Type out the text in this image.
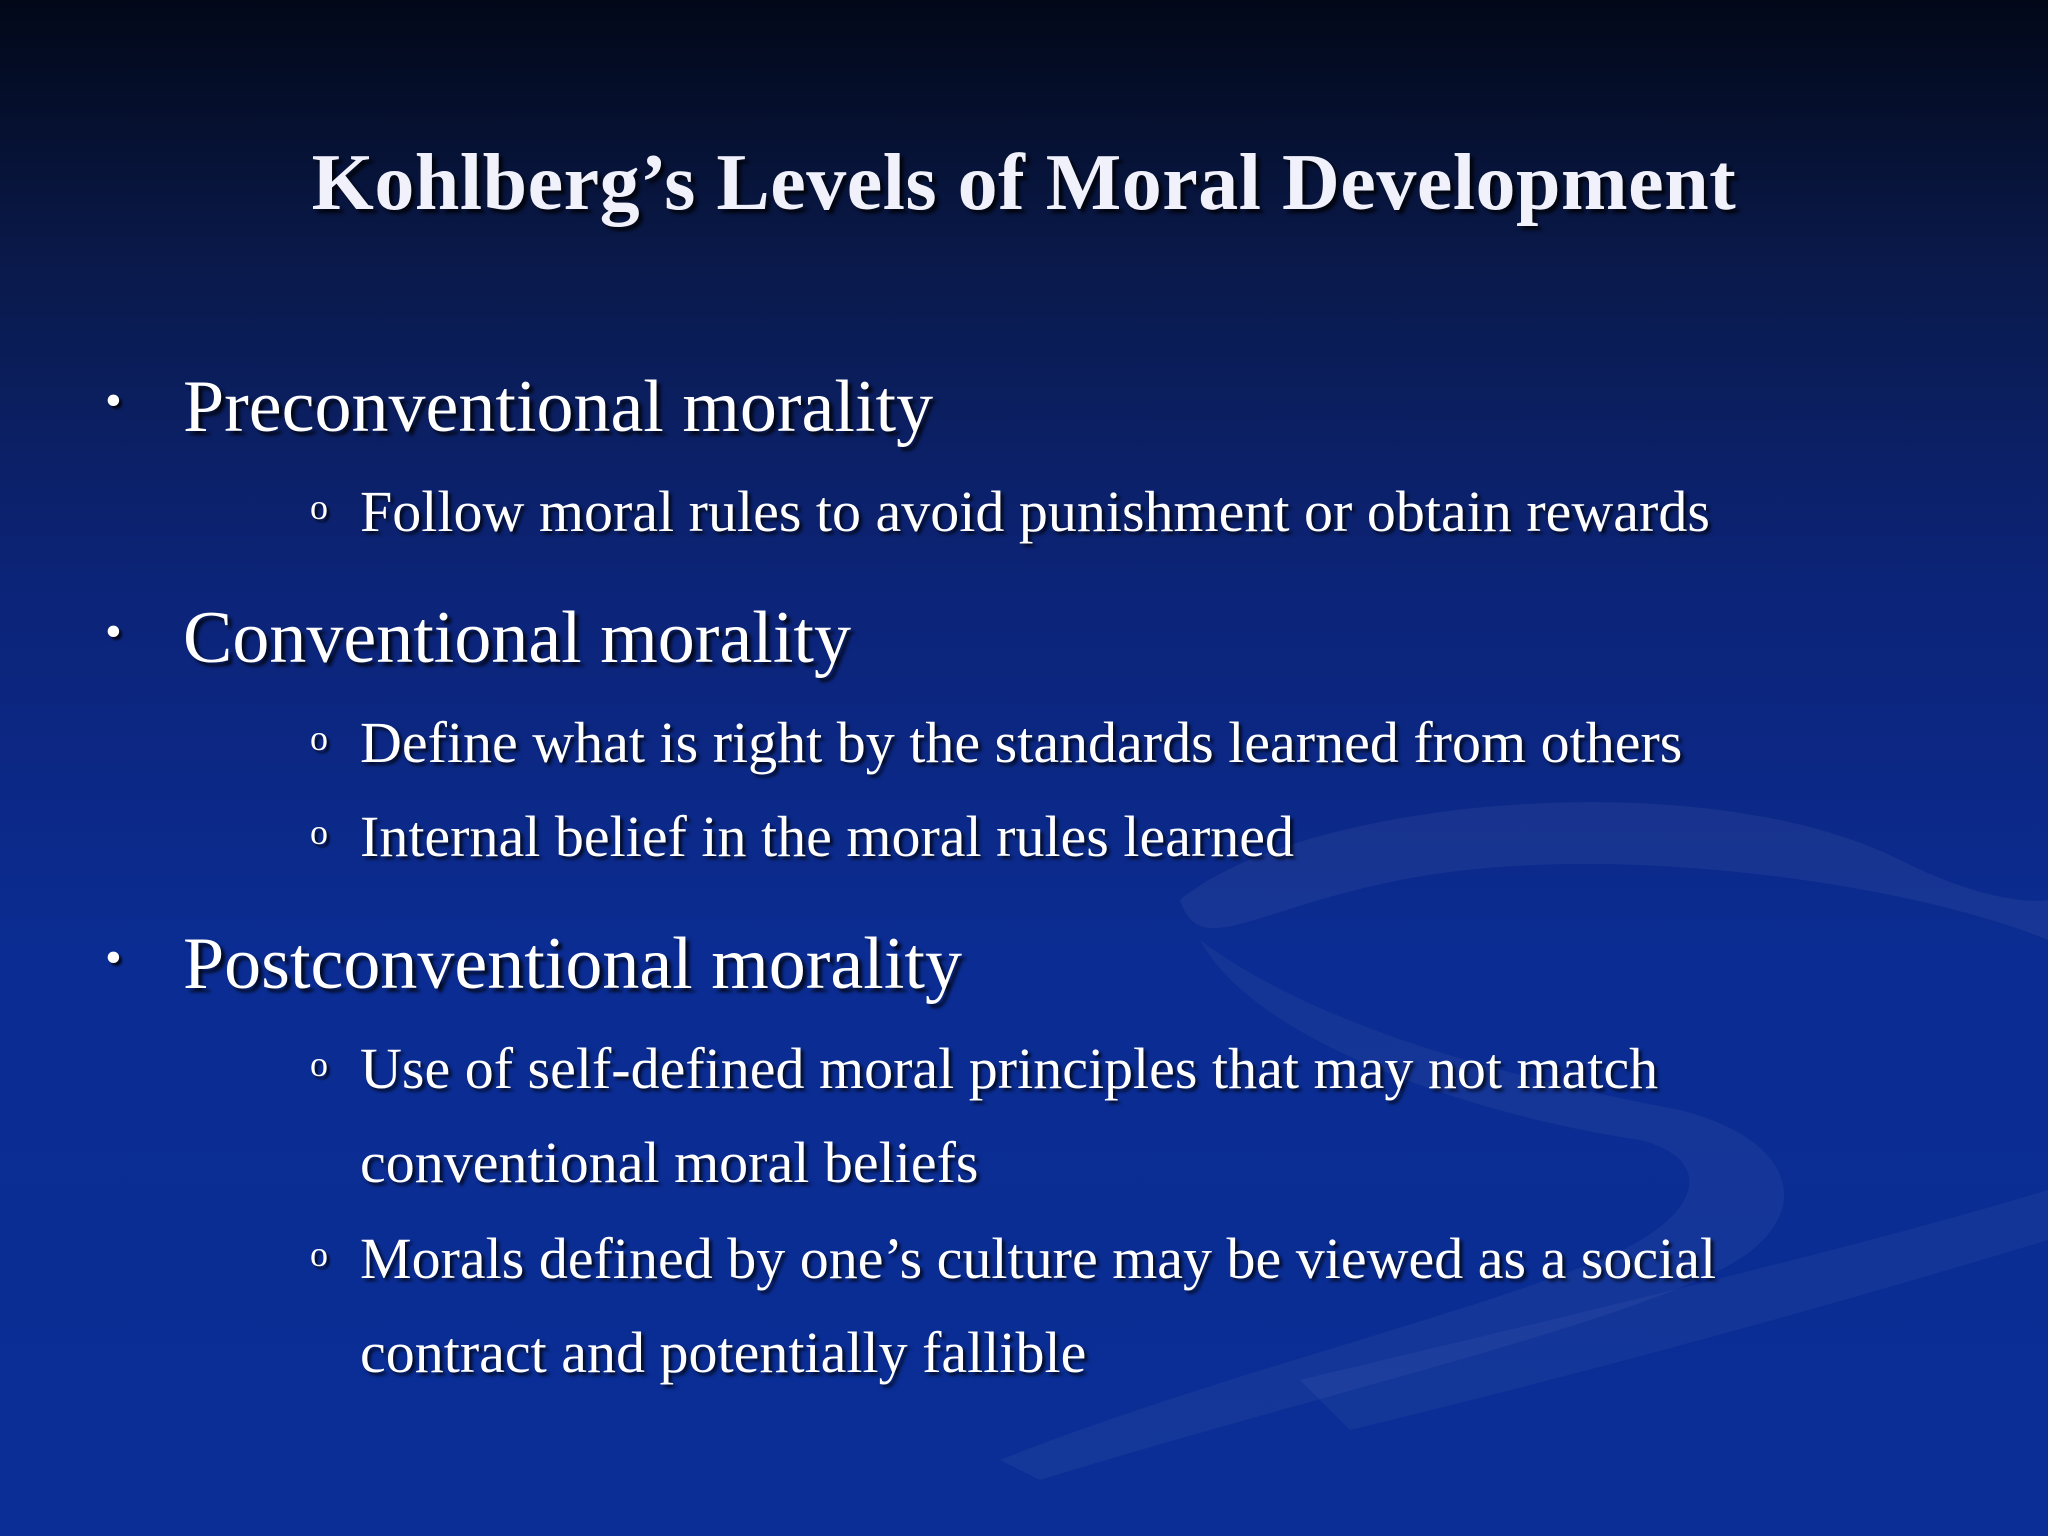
Kohlberg’s Levels of Moral Development
• Preconventional morality
o Follow moral rules to avoid punishment or obtain rewards
• Conventional morality
o Define what is right by the standards learned from others
o Internal belief in the moral rules learned
• Postconventional morality
o Use of self-defined moral principles that may not match
conventional moral beliefs
o Morals defined by one’s culture may be viewed as a social
contract and potentially fallible
